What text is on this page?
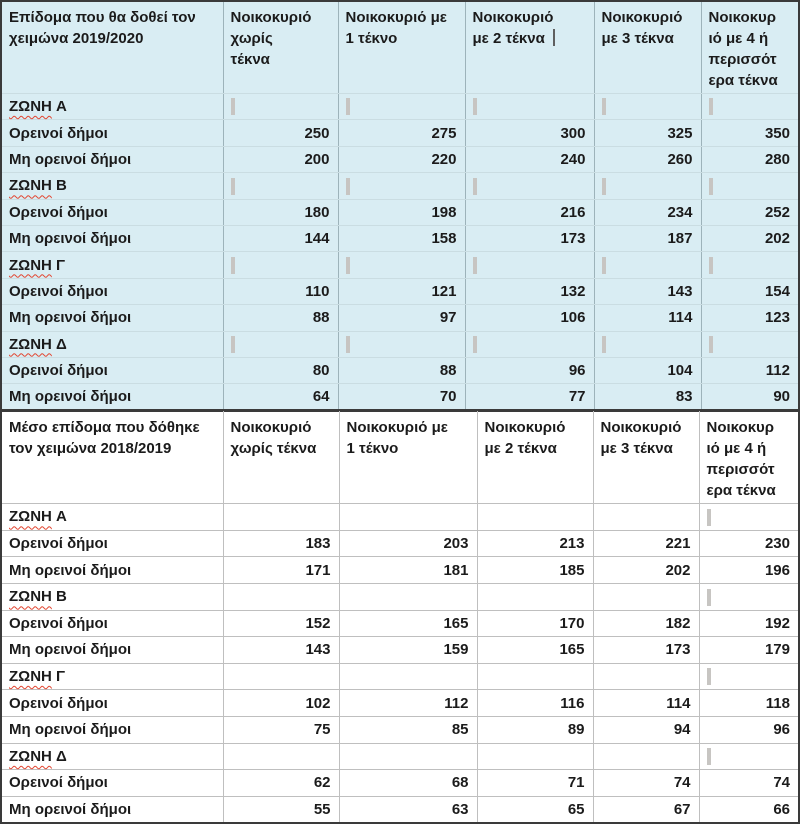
Επίδομα που θα δοθεί τον χειμώνα 2019/2020	Νοικοκυριό χωρίς τέκνα	Νοικοκυριό με 1 τέκνο	Νοικοκυριό με 2 τέκνα	Νοικοκυριό με 3 τέκνα	Νοικοκυριό με 4 ή περισσότερα τέκνα

ΖΩΝΗ Α					
Ορεινοί δήμοι	250	275	300	325	350
Μη ορεινοί δήμοι	200	220	240	260	280
ΖΩΝΗ Β					
Ορεινοί δήμοι	180	198	216	234	252
Μη ορεινοί δήμοι	144	158	173	187	202
ΖΩΝΗ Γ					
Ορεινοί δήμοι	110	121	132	143	154
Μη ορεινοί δήμοι	88	97	106	114	123
ΖΩΝΗ Δ					
Ορεινοί δήμοι	80	88	96	104	112
Μη ορεινοί δήμοι	64	70	77	83	90
Μέσο επίδομα που δόθηκε τον χειμώνα 2018/2019	Νοικοκυριό χωρίς τέκνα	Νοικοκυριό με 1 τέκνο	Νοικοκυριό με 2 τέκνα	Νοικοκυριό με 3 τέκνα	Νοικοκυριό με 4 ή περισσότερα τέκνα

ΖΩΝΗ Α					
Ορεινοί δήμοι	183	203	213	221	230
Μη ορεινοί δήμοι	171	181	185	202	196
ΖΩΝΗ Β					
Ορεινοί δήμοι	152	165	170	182	192
Μη ορεινοί δήμοι	143	159	165	173	179
ΖΩΝΗ Γ					
Ορεινοί δήμοι	102	112	116	114	118
Μη ορεινοί δήμοι	75	85	89	94	96
ΖΩΝΗ Δ					
Ορεινοί δήμοι	62	68	71	74	74
Μη ορεινοί δήμοι	55	63	65	67	66
